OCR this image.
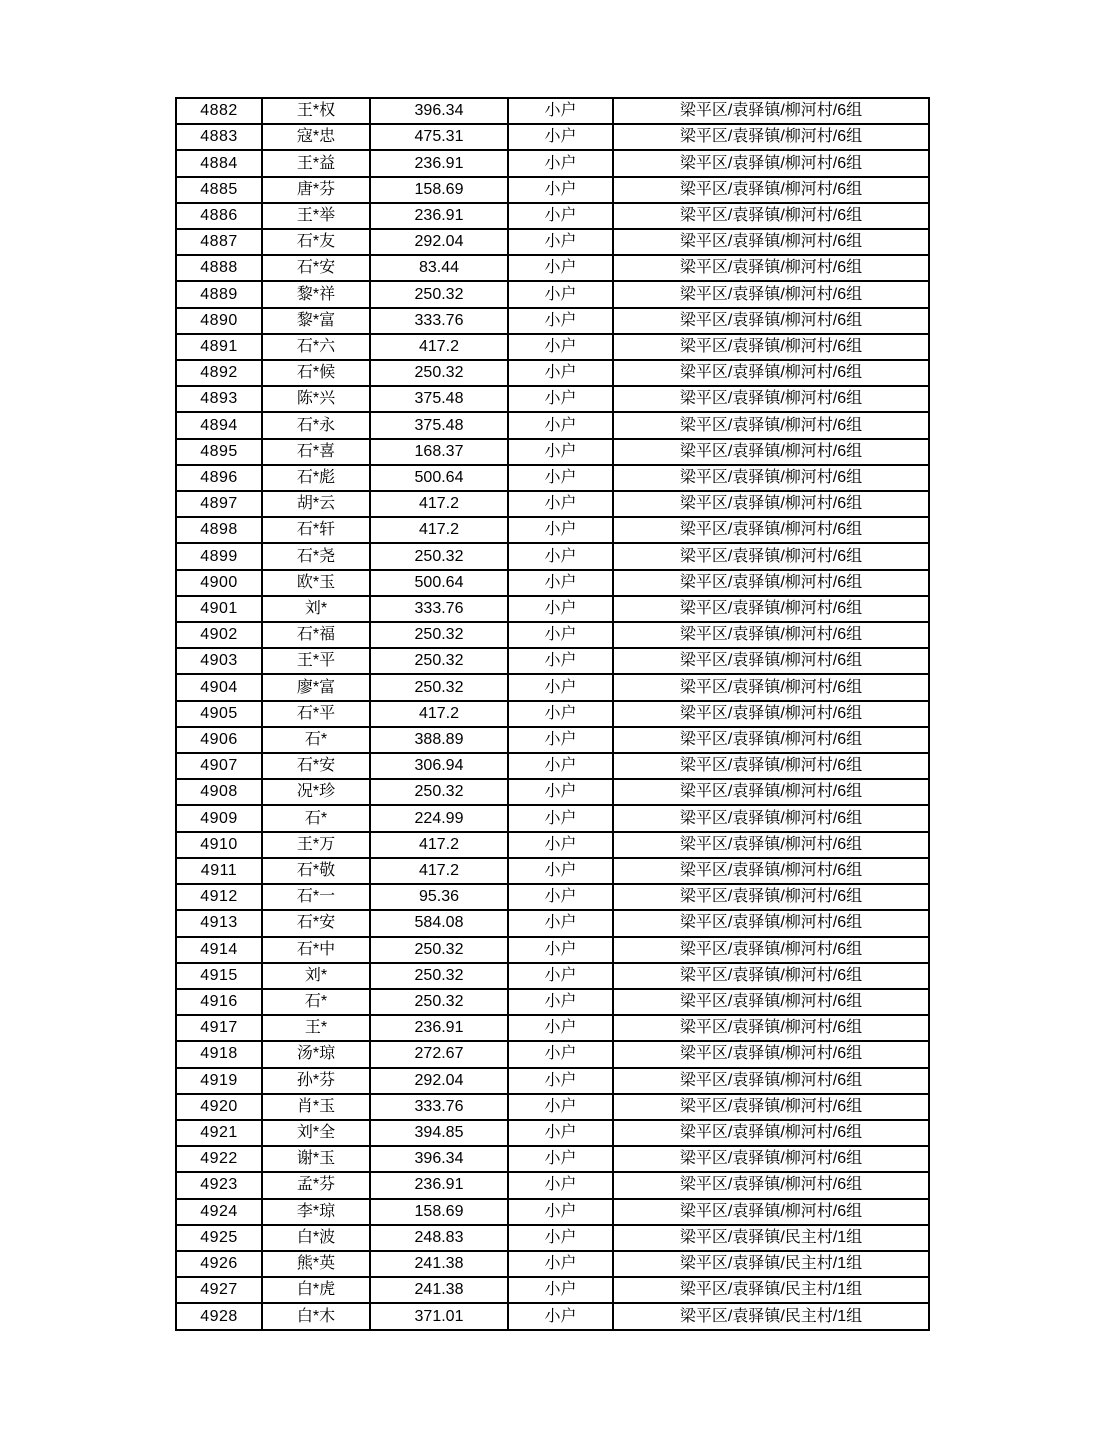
4882	王*权	396.34	小户	梁平区/袁驿镇/柳河村/6组
4883	寇*忠	475.31	小户	梁平区/袁驿镇/柳河村/6组
4884	王*益	236.91	小户	梁平区/袁驿镇/柳河村/6组
4885	唐*芬	158.69	小户	梁平区/袁驿镇/柳河村/6组
4886	王*举	236.91	小户	梁平区/袁驿镇/柳河村/6组
4887	石*友	292.04	小户	梁平区/袁驿镇/柳河村/6组
4888	石*安	83.44	小户	梁平区/袁驿镇/柳河村/6组
4889	黎*祥	250.32	小户	梁平区/袁驿镇/柳河村/6组
4890	黎*富	333.76	小户	梁平区/袁驿镇/柳河村/6组
4891	石*六	417.2	小户	梁平区/袁驿镇/柳河村/6组
4892	石*候	250.32	小户	梁平区/袁驿镇/柳河村/6组
4893	陈*兴	375.48	小户	梁平区/袁驿镇/柳河村/6组
4894	石*永	375.48	小户	梁平区/袁驿镇/柳河村/6组
4895	石*喜	168.37	小户	梁平区/袁驿镇/柳河村/6组
4896	石*彪	500.64	小户	梁平区/袁驿镇/柳河村/6组
4897	胡*云	417.2	小户	梁平区/袁驿镇/柳河村/6组
4898	石*轩	417.2	小户	梁平区/袁驿镇/柳河村/6组
4899	石*尧	250.32	小户	梁平区/袁驿镇/柳河村/6组
4900	欧*玉	500.64	小户	梁平区/袁驿镇/柳河村/6组
4901	刘*	333.76	小户	梁平区/袁驿镇/柳河村/6组
4902	石*福	250.32	小户	梁平区/袁驿镇/柳河村/6组
4903	王*平	250.32	小户	梁平区/袁驿镇/柳河村/6组
4904	廖*富	250.32	小户	梁平区/袁驿镇/柳河村/6组
4905	石*平	417.2	小户	梁平区/袁驿镇/柳河村/6组
4906	石*	388.89	小户	梁平区/袁驿镇/柳河村/6组
4907	石*安	306.94	小户	梁平区/袁驿镇/柳河村/6组
4908	况*珍	250.32	小户	梁平区/袁驿镇/柳河村/6组
4909	石*	224.99	小户	梁平区/袁驿镇/柳河村/6组
4910	王*万	417.2	小户	梁平区/袁驿镇/柳河村/6组
4911	石*敬	417.2	小户	梁平区/袁驿镇/柳河村/6组
4912	石*一	95.36	小户	梁平区/袁驿镇/柳河村/6组
4913	石*安	584.08	小户	梁平区/袁驿镇/柳河村/6组
4914	石*中	250.32	小户	梁平区/袁驿镇/柳河村/6组
4915	刘*	250.32	小户	梁平区/袁驿镇/柳河村/6组
4916	石*	250.32	小户	梁平区/袁驿镇/柳河村/6组
4917	王*	236.91	小户	梁平区/袁驿镇/柳河村/6组
4918	汤*琼	272.67	小户	梁平区/袁驿镇/柳河村/6组
4919	孙*芬	292.04	小户	梁平区/袁驿镇/柳河村/6组
4920	肖*玉	333.76	小户	梁平区/袁驿镇/柳河村/6组
4921	刘*全	394.85	小户	梁平区/袁驿镇/柳河村/6组
4922	谢*玉	396.34	小户	梁平区/袁驿镇/柳河村/6组
4923	孟*芬	236.91	小户	梁平区/袁驿镇/柳河村/6组
4924	李*琼	158.69	小户	梁平区/袁驿镇/柳河村/6组
4925	白*波	248.83	小户	梁平区/袁驿镇/民主村/1组
4926	熊*英	241.38	小户	梁平区/袁驿镇/民主村/1组
4927	白*虎	241.38	小户	梁平区/袁驿镇/民主村/1组
4928	白*木	371.01	小户	梁平区/袁驿镇/民主村/1组
